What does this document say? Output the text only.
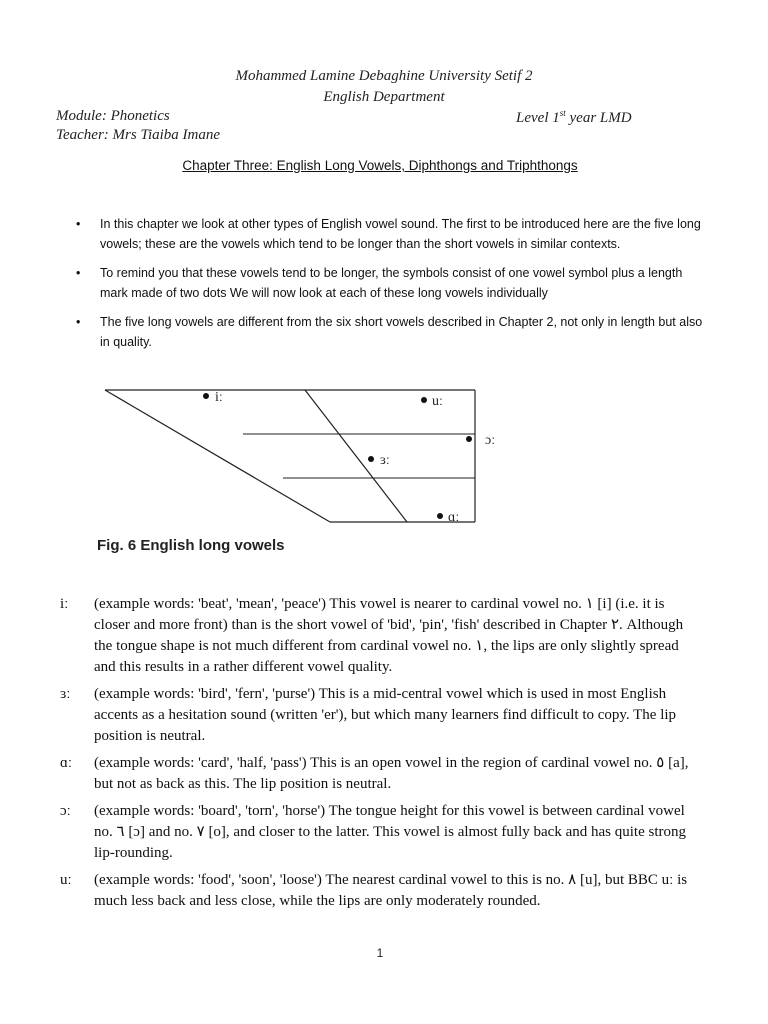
Mohammed Lamine Debaghine University Setif 2
English Department
Module: Phonetics	Level 1st year LMD
Teacher: Mrs Tiaiba Imane
Chapter Three: English Long Vowels, Diphthongs and Triphthongs
• In this chapter we look at other types of English vowel sound. The first to be introduced here are the five long vowels; these are the vowels which tend to be longer than the short vowels in similar contexts.
• To remind you that these vowels tend to be longer, the symbols consist of one vowel symbol plus a length mark made of two dots We will now look at each of these long vowels individually
• The five long vowels are different from the six short vowels described in Chapter 2, not only in length but also in quality.
iː	uː
ɔː
ɜː
ɑː
Fig. 6 English long vowels
iː (example words: 'beat', 'mean', 'peace') This vowel is nearer to cardinal vowel no. ١ [i] (i.e. it is closer and more front) than is the short vowel of 'bid', 'pin', 'fish' described in Chapter ٢. Although the tongue shape is not much different from cardinal vowel no. ١, the lips are only slightly spread and this results in a rather different vowel quality.
ɜː (example words: 'bird', 'fern', 'purse') This is a mid-central vowel which is used in most English accents as a hesitation sound (written 'er'), but which many learners find difficult to copy. The lip position is neutral.
ɑː (example words: 'card', 'half, 'pass') This is an open vowel in the region of cardinal vowel no. ٥ [a], but not as back as this. The lip position is neutral.
ɔː (example words: 'board', 'torn', 'horse') The tongue height for this vowel is between cardinal vowel no. ٦ [ɔ] and no. ٧ [o], and closer to the latter. This vowel is almost fully back and has quite strong lip-rounding.
uː (example words: 'food', 'soon', 'loose') The nearest cardinal vowel to this is no. ٨ [u], but BBC uː is much less back and less close, while the lips are only moderately rounded.
1
